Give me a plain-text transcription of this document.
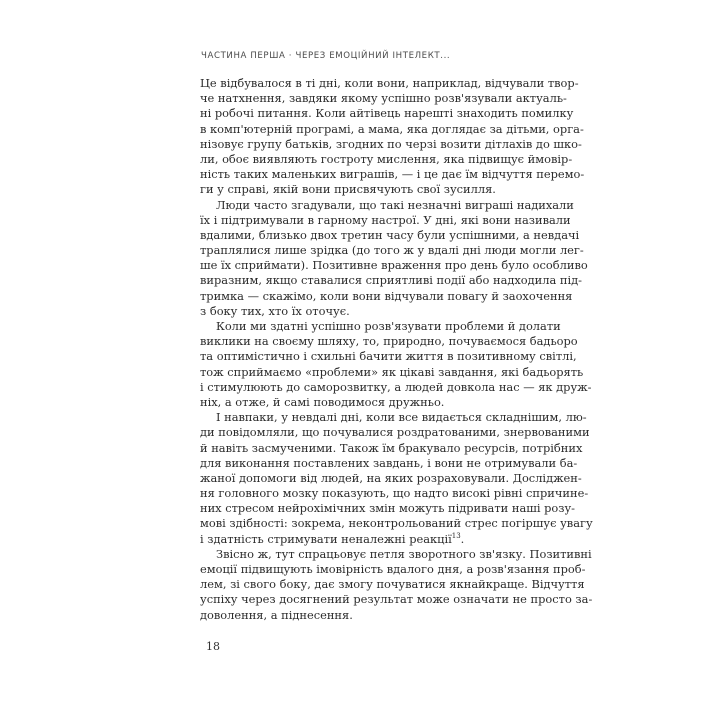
ЧАСТИНА ПЕРША · ЧЕРЕЗ ЕМОЦІЙНИЙ ІНТЕЛЕКТ...
Це відбувалося в ті дні, коли вони, наприклад, відчували твор-
че натхнення, завдяки якому успішно розв'язували актуаль-
ні робочі питання. Коли айтівець нарешті знаходить помилку
в комп'ютерній програмі, а мама, яка доглядає за дітьми, орга-
нізовує групу батьків, згодних по черзі возити дітлахів до шко-
ли, обоє виявляють гостроту мислення, яка підвищує ймовір-
ність таких маленьких виграшів, — і це дає їм відчуття перемо-
ги у справі, якій вони присвячують свої зусилля.
Люди часто згадували, що такі незначні виграші надихали
їх і підтримували в гарному настрої. У дні, які вони називали
вдалими, близько двох третин часу були успішними, а невдачі
траплялися лише зрідка (до того ж у вдалі дні люди могли лег-
ше їх сприймати). Позитивне враження про день було особливо
виразним, якщо ставалися сприятливі події або надходила під-
тримка — скажімо, коли вони відчували повагу й заохочення
з боку тих, хто їх оточує.
Коли ми здатні успішно розв'язувати проблеми й долати
виклики на своєму шляху, то, природно, почуваємося бадьоро
та оптимістично і схильні бачити життя в позитивному світлі,
тож сприймаємо «проблеми» як цікаві завдання, які бадьорять
і стимулюють до саморозвитку, а людей довкола нас — як друж-
ніх, а отже, й самі поводимося дружньо.
І навпаки, у невдалі дні, коли все видається складнішим, лю-
ди повідомляли, що почувалися роздратованими, знервованими
й навіть засмученими. Також їм бракувало ресурсів, потрібних
для виконання поставлених завдань, і вони не отримували ба-
жаної допомоги від людей, на яких розраховували. Досліджен-
ня головного мозку показують, що надто високі рівні спричине-
них стресом нейрохімічних змін можуть підривати наші розу-
мові здібності: зокрема, неконтрольований стрес погіршує увагу
і здатність стримувати неналежні реакції$^{13}$.
Звісно ж, тут спрацьовує петля зворотного зв'язку. Позитивні
емоції підвищують імовірність вдалого дня, а розв'язання проб-
лем, зі свого боку, дає змогу почуватися якнайкраще. Відчуття
успіху через досягнений результат може означати не просто за-
доволення, а піднесення.
18
